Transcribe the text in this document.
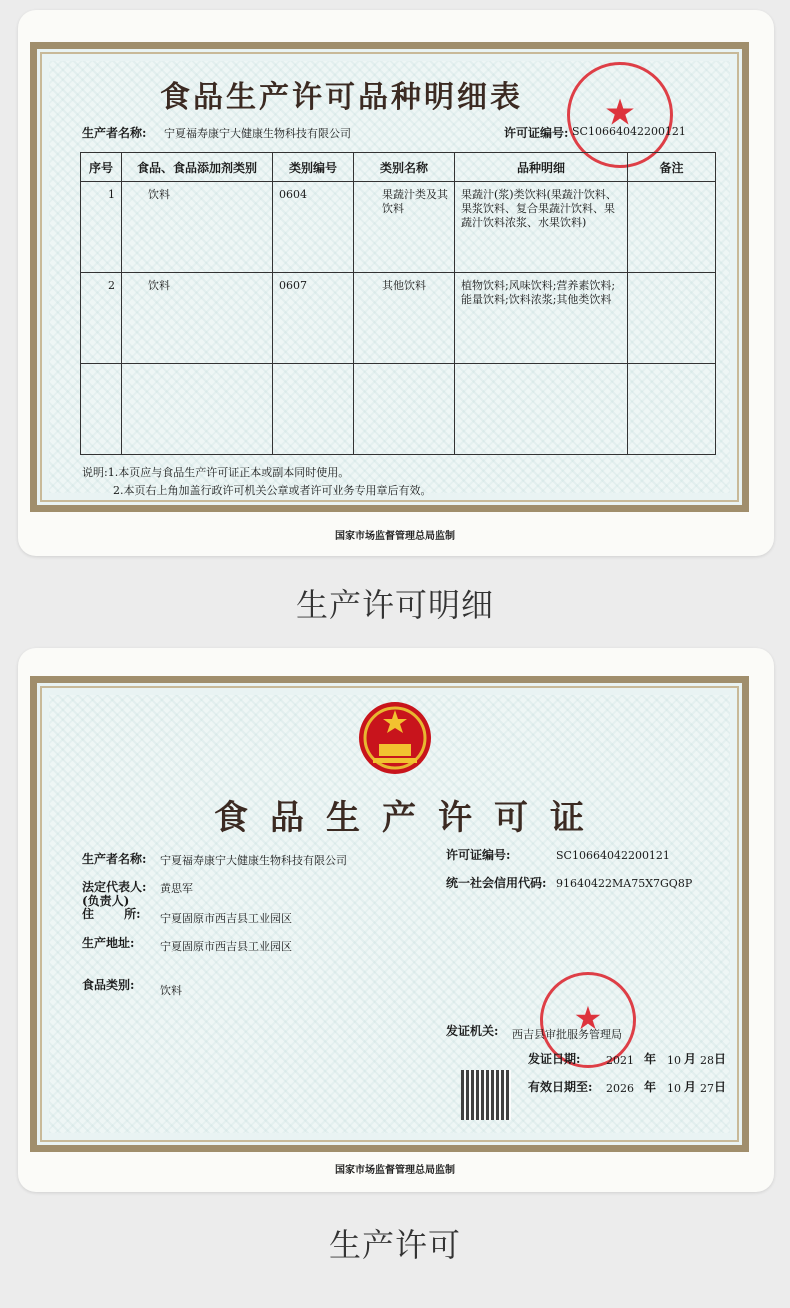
食品生产许可品种明细表 ★
生产者名称: 宁夏福寿康宁大健康生物科技有限公司	许可证编号: SC10664042200121
序号	食品、食品添加剂类别	类别编号	类别名称	品种明细	备注
1	饮料	0604	果蔬汁类及其饮料	果蔬汁(浆)类饮料(果蔬汁饮料、果浆饮料、复合果蔬汁饮料、果蔬汁饮料浓浆、水果饮料)	
2	饮料	0607	其他饮料	植物饮料;风味饮料;营养素饮料;能量饮料;饮料浓浆;其他类饮料	

说明:1.本页应与食品生产许可证正本或副本同时使用。
2.本页右上角加盖行政许可机关公章或者许可业务专用章后有效。
国家市场监督管理总局监制
生产许可明细
食品生产许可证
生产者名称: 宁夏福寿康宁大健康生物科技有限公司
法定代表人:
(负责人)
黄思军
住 所: 宁夏固原市西吉县工业园区
生产地址: 宁夏固原市西吉县工业园区
食品类别: 饮料
许可证编号:	SC10664042200121
统一社会信用代码: 91640422MA75X7GQ8P
★
发证机关: 西吉县审批服务管理局
发证日期: 2021 年 10 月 28 日
有效日期至: 2026 年 10 月 27 日
国家市场监督管理总局监制
生产许可
